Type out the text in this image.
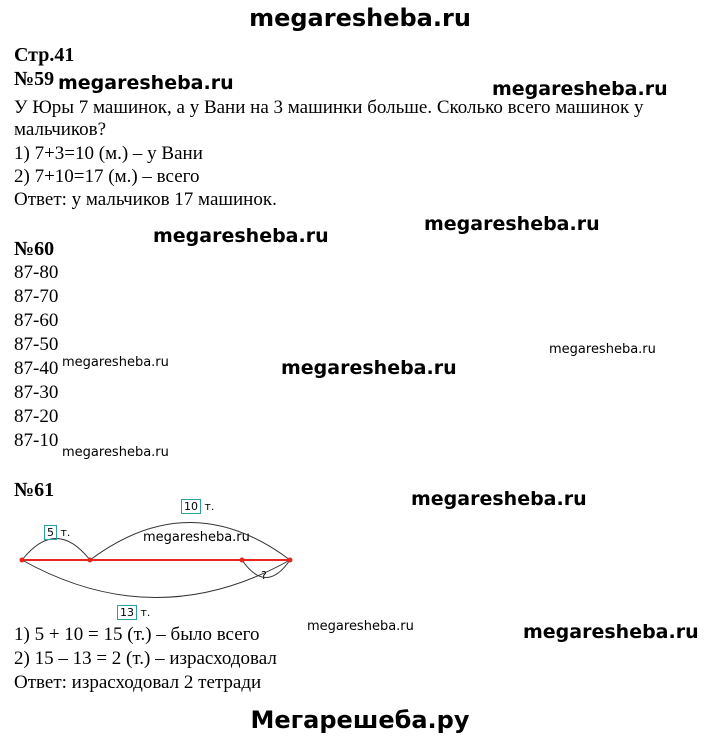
megaresheba.ru
Стр.41
№59
У Юры 7 машинок, а у Вани на 3 машинки больше. Сколько всего машинок у
мальчиков?
1) 7+3=10 (м.) – у Вани
2) 7+10=17 (м.) – всего
Ответ: у мальчиков 17 машинок.
№60
87-80
87-70
87-60
87-50
87-40
87-30
87-20
87-10
№61
5 т.
10 т.
13 т.
?
1) 5 + 10 = 15 (т.) – было всего
2) 15 – 13 = 2 (т.) – израсходовал
Ответ: израсходовал 2 тетради
megaresheba.ru	megaresheba.ru
megaresheba.ru
megaresheba.ru
megaresheba.ru	megaresheba.ru
megaresheba.ru
megaresheba.ru
megaresheba.ru
megaresheba.ru
megaresheba.ru	megaresheba.ru
Мегарешеба.ру
